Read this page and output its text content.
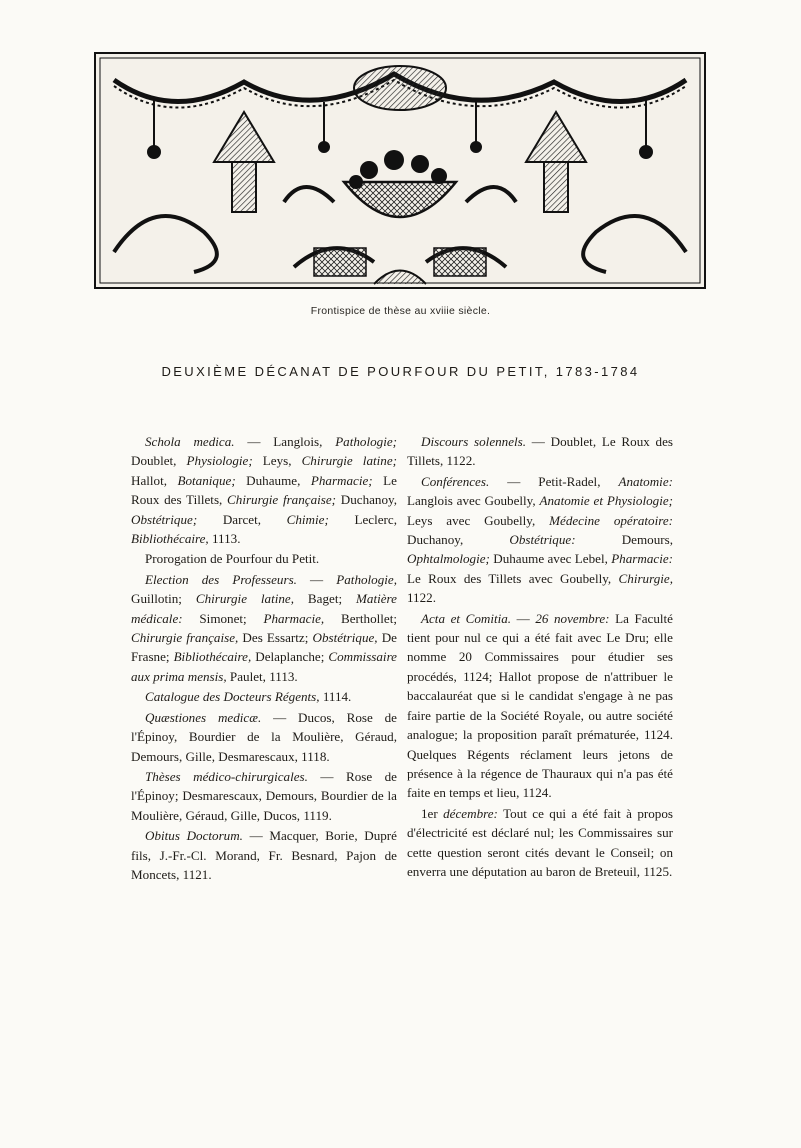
Frontispice de thèse au xviiie siècle.
DEUXIÈME DÉCANAT DE POURFOUR DU PETIT, 1783-1784

Schola medica. — Langlois, Pathologie; Doublet, Physiologie; Leys, Chirurgie latine; Hallot, Botanique; Duhaume, Pharmacie; Le Roux des Tillets, Chirurgie française; Duchanoy, Obstétrique; Darcet, Chimie; Leclerc, Bibliothécaire, 1113.

Prorogation de Pourfour du Petit.

Election des Professeurs. — Pathologie, Guillotin; Chirurgie latine, Baget; Matière médicale: Simonet; Pharmacie, Berthollet; Chirurgie française, Des Essartz; Obstétrique, De Frasne; Bibliothécaire, Delaplanche; Commissaire aux prima mensis, Paulet, 1113.

Catalogue des Docteurs Régents, 1114.

Quæstiones medicæ. — Ducos, Rose de l'Épinoy, Bourdier de la Moulière, Géraud, Demours, Gille, Desmarescaux, 1118.

Thèses médico-chirurgicales. — Rose de l'Épinoy; Desmarescaux, Demours, Bourdier de la Moulière, Géraud, Gille, Ducos, 1119.

Obitus Doctorum. — Macquer, Borie, Dupré fils, J.-Fr.-Cl. Morand, Fr. Besnard, Pajon de Moncets, 1121.

Discours solennels. — Doublet, Le Roux des Tillets, 1122.

Conférences. — Petit-Radel, Anatomie: Langlois avec Goubelly, Anatomie et Physiologie; Leys avec Goubelly, Médecine opératoire: Duchanoy, Obstétrique: Demours, Ophtalmologie; Duhaume avec Lebel, Pharmacie: Le Roux des Tillets avec Goubelly, Chirurgie, 1122.

Acta et Comitia. — 26 novembre: La Faculté tient pour nul ce qui a été fait avec Le Dru; elle nomme 20 Commissaires pour étudier ses procédés, 1124; Hallot propose de n'attribuer le baccalauréat que si le candidat s'engage à ne pas faire partie de la Société Royale, ou autre société analogue; la proposition paraît prématurée, 1124. Quelques Régents réclament leurs jetons de présence à la régence de Thauraux qui n'a pas été faite en temps et lieu, 1124.

1er décembre: Tout ce qui a été fait à propos d'électricité est déclaré nul; les Commissaires sur cette question seront cités devant le Conseil; on enverra une députation au baron de Breteuil, 1125.
